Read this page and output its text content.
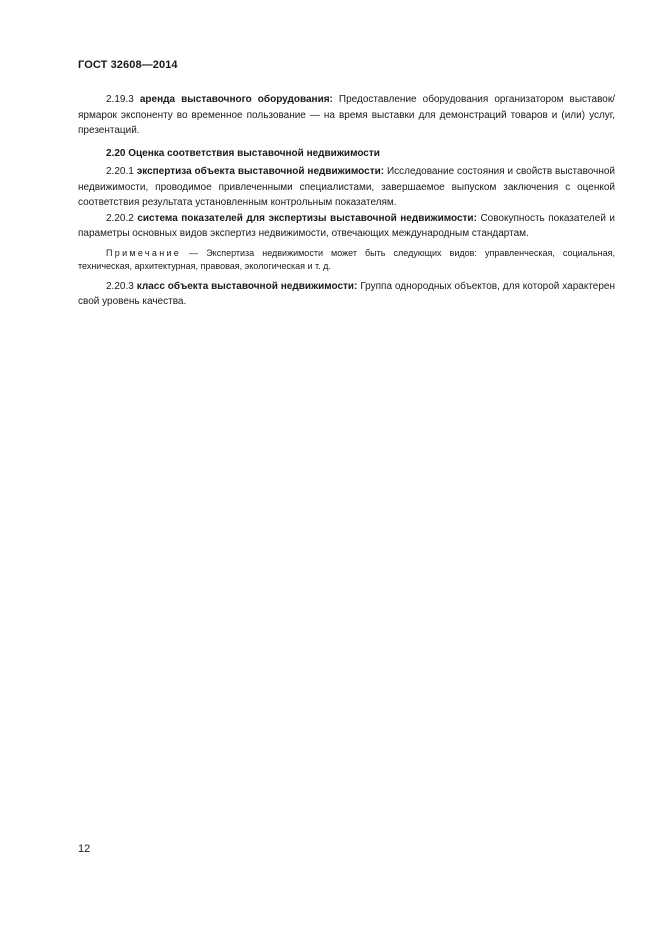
ГОСТ 32608—2014

2.19.3 аренда выставочного оборудования: Предоставление оборудования организатором выставок/ярмарок экспоненту во временное пользование — на время выставки для демонстраций товаров и (или) услуг, презентаций.

2.20 Оценка соответствия выставочной недвижимости

2.20.1 экспертиза объекта выставочной недвижимости: Исследование состояния и свойств выставочной недвижимости, проводимое привлеченными специалистами, завершаемое выпуском заключения с оценкой соответствия результата установленным контрольным показателям.

2.20.2 система показателей для экспертизы выставочной недвижимости: Совокупность показателей и параметры основных видов экспертиз недвижимости, отвечающих международным стандартам.

Примечание — Экспертиза недвижимости может быть следующих видов: управленческая, социальная, техническая, архитектурная, правовая, экологическая и т. д.

2.20.3 класс объекта выставочной недвижимости: Группа однородных объектов, для которой характерен свой уровень качества.

12
